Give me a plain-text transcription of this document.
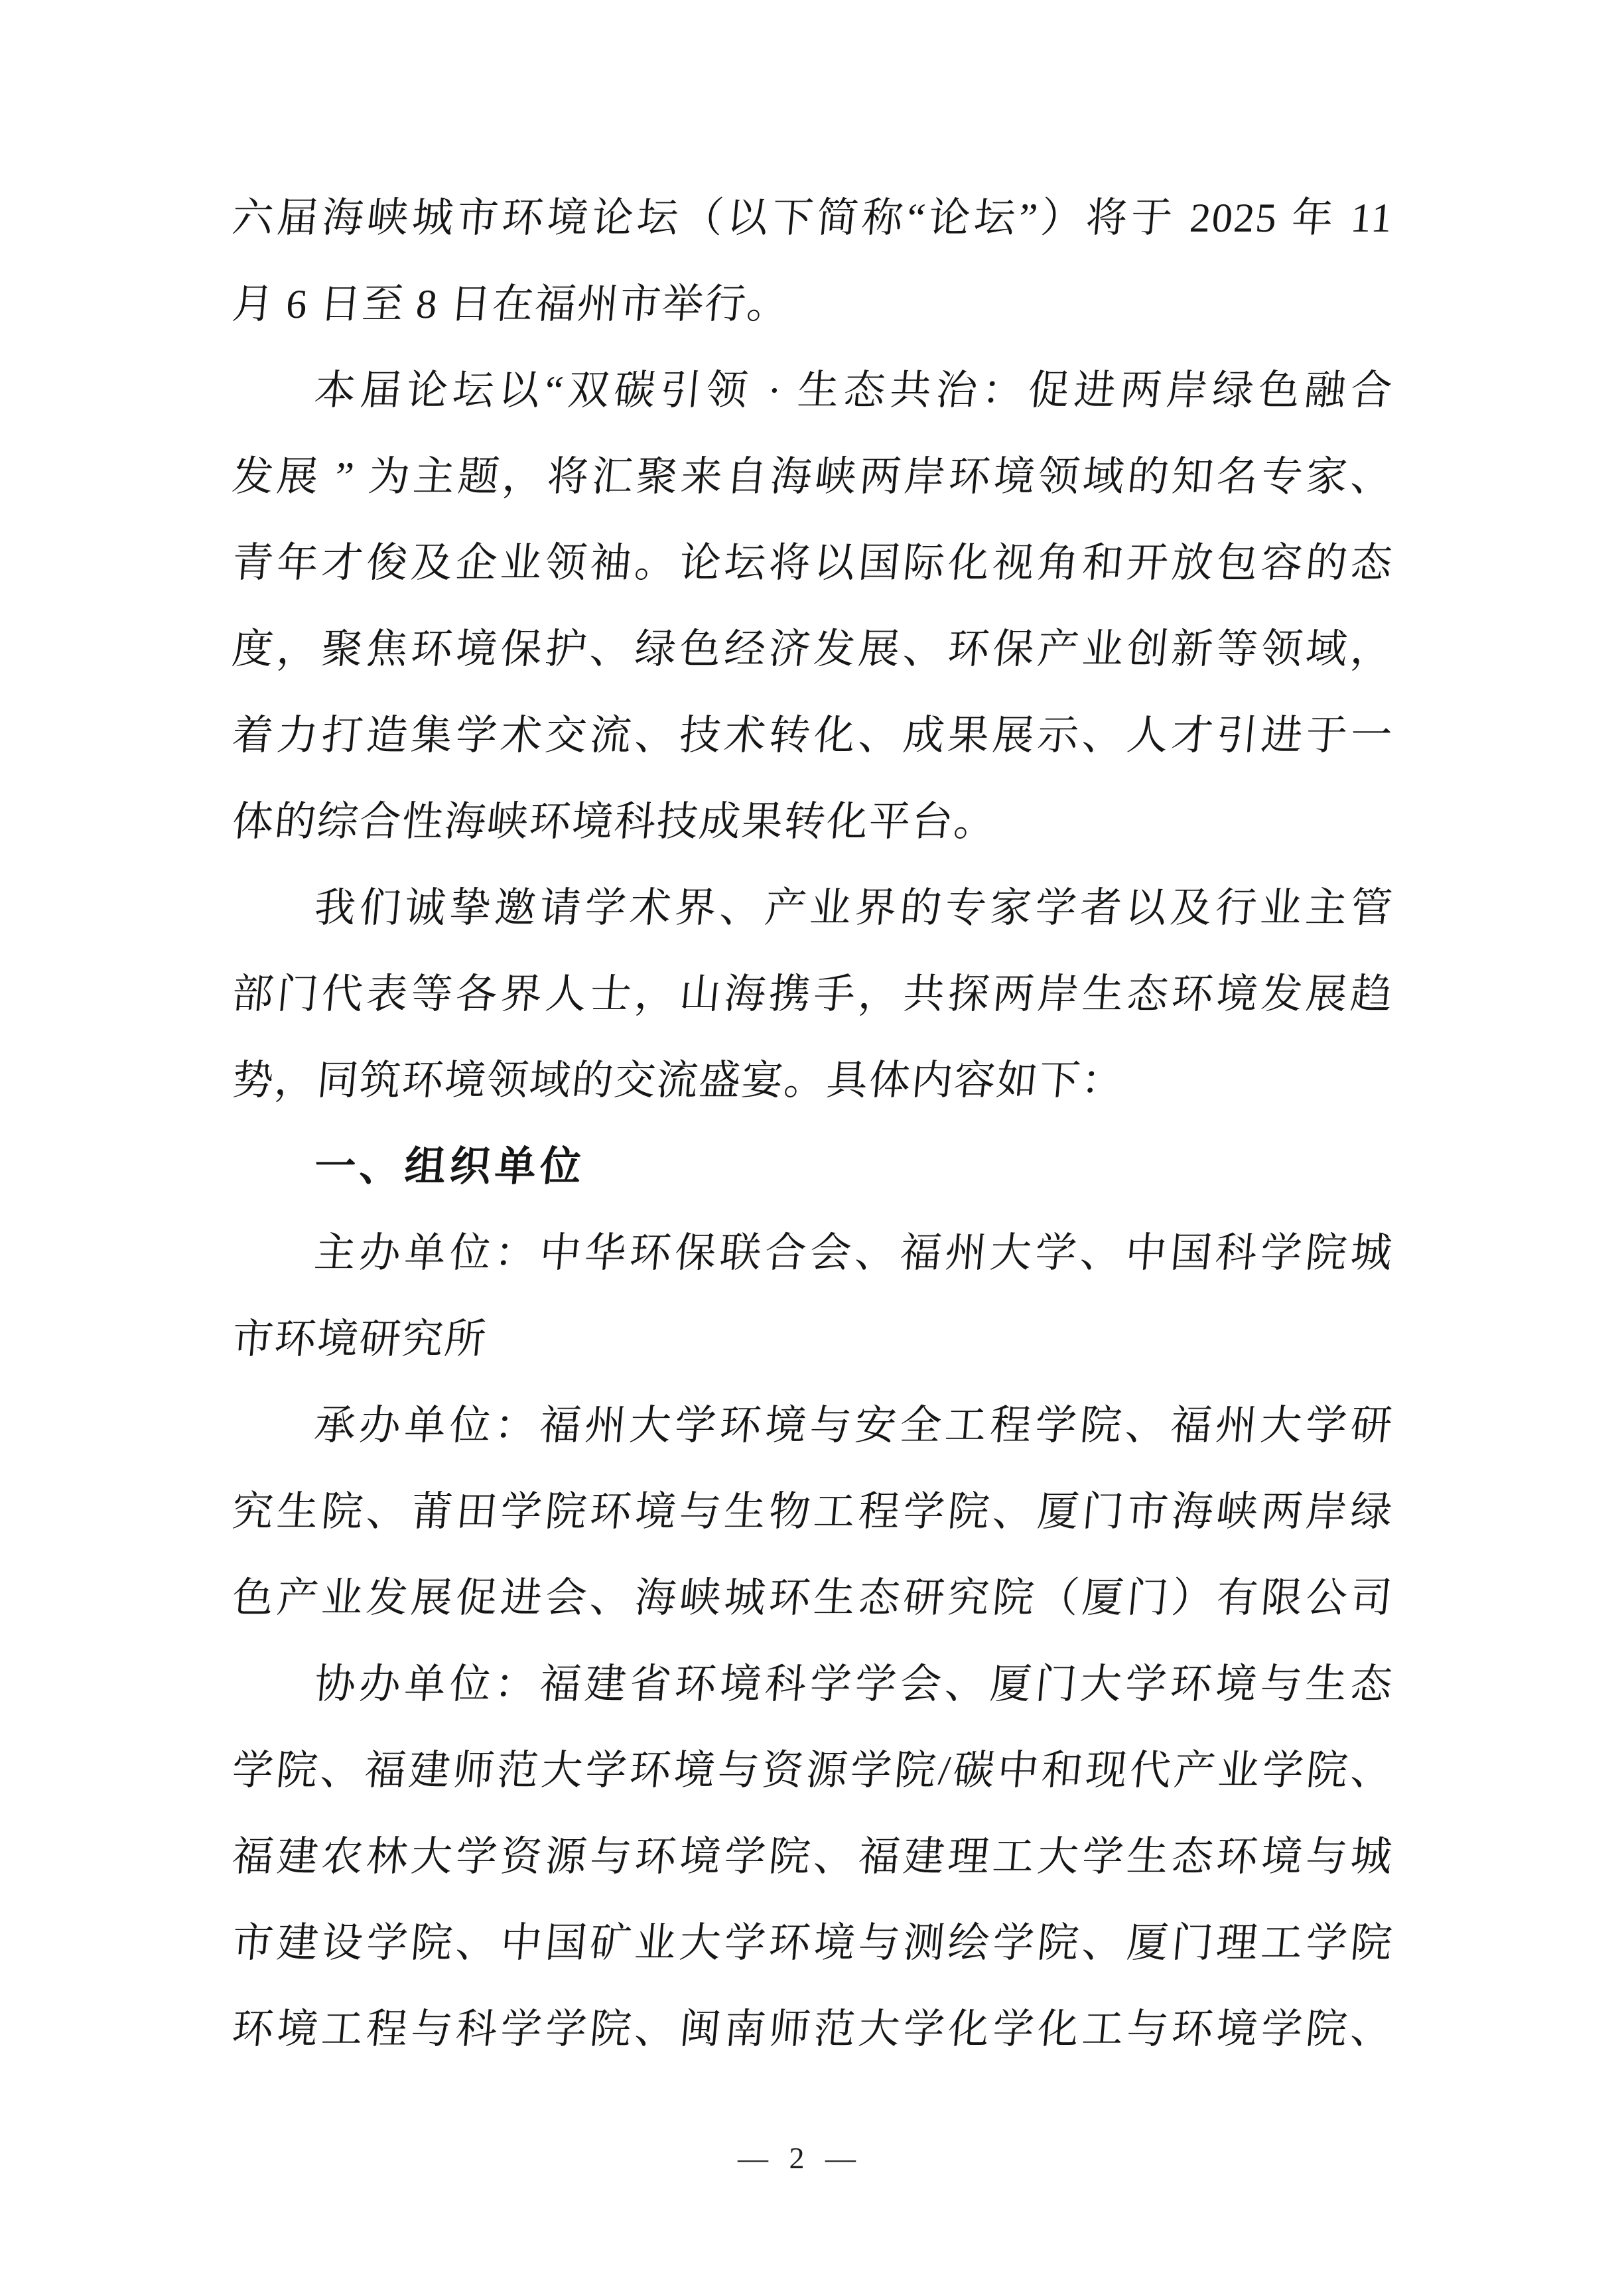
六届海峡城市环境论坛（以下简称“论坛”）将于 2025 年 11
月 6 日至 8 日在福州市举行。
本届论坛以“双碳引领 · 生态共治：促进两岸绿色融合
发展 ” 为主题，将汇聚来自海峡两岸环境领域的知名专家、
青年才俊及企业领袖。论坛将以国际化视角和开放包容的态
度，聚焦环境保护、绿色经济发展、环保产业创新等领域，
着力打造集学术交流、技术转化、成果展示、人才引进于一
体的综合性海峡环境科技成果转化平台。
我们诚挚邀请学术界、产业界的专家学者以及行业主管
部门代表等各界人士，山海携手，共探两岸生态环境发展趋
势，同筑环境领域的交流盛宴。具体内容如下：
一、组织单位
主办单位：中华环保联合会、福州大学、中国科学院城
市环境研究所
承办单位：福州大学环境与安全工程学院、福州大学研
究生院、莆田学院环境与生物工程学院、厦门市海峡两岸绿
色产业发展促进会、海峡城环生态研究院（厦门）有限公司
协办单位：福建省环境科学学会、厦门大学环境与生态
学院、福建师范大学环境与资源学院/碳中和现代产业学院、
福建农林大学资源与环境学院、福建理工大学生态环境与城
市建设学院、中国矿业大学环境与测绘学院、厦门理工学院
环境工程与科学学院、闽南师范大学化学化工与环境学院、
— 2 —
